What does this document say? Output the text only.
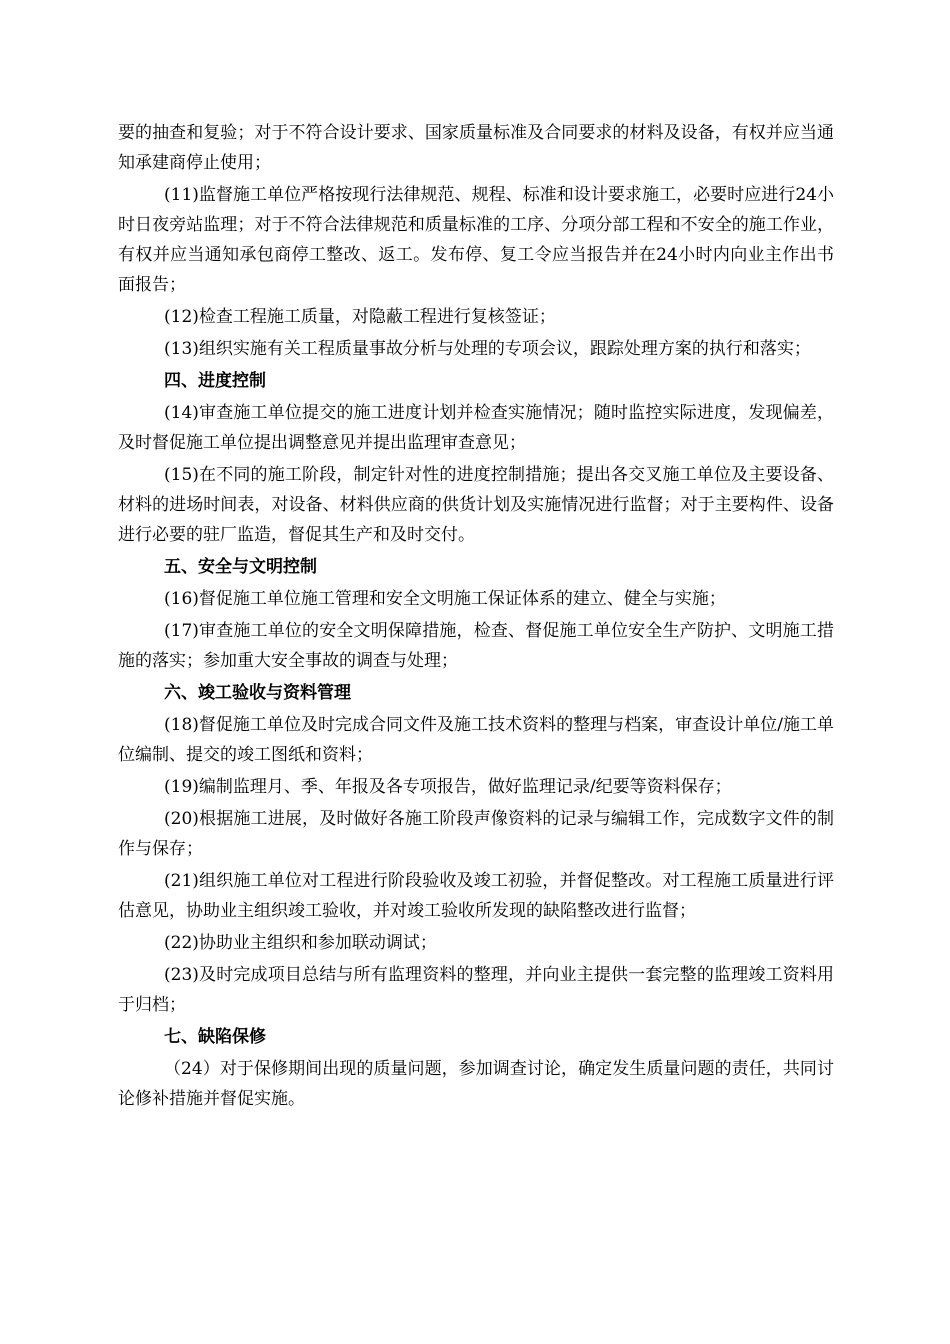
要的抽查和复验；对于不符合设计要求、国家质量标准及合同要求的材料及设备，有权并应当通知承建商停止使用；

(11)监督施工单位严格按现行法律规范、规程、标准和设计要求施工，必要时应进行24小时日夜旁站监理；对于不符合法律规范和质量标准的工序、分项分部工程和不安全的施工作业，有权并应当通知承包商停工整改、返工。发布停、复工令应当报告并在24小时内向业主作出书面报告；

(12)检查工程施工质量，对隐蔽工程进行复核签证；

(13)组织实施有关工程质量事故分析与处理的专项会议，跟踪处理方案的执行和落实；

四、进度控制

(14)审查施工单位提交的施工进度计划并检查实施情况；随时监控实际进度，发现偏差，及时督促施工单位提出调整意见并提出监理审查意见；

(15)在不同的施工阶段，制定针对性的进度控制措施；提出各交叉施工单位及主要设备、材料的进场时间表，对设备、材料供应商的供货计划及实施情况进行监督；对于主要构件、设备进行必要的驻厂监造，督促其生产和及时交付。

五、安全与文明控制

(16)督促施工单位施工管理和安全文明施工保证体系的建立、健全与实施；

(17)审查施工单位的安全文明保障措施，检查、督促施工单位安全生产防护、文明施工措施的落实；参加重大安全事故的调查与处理；

六、竣工验收与资料管理

(18)督促施工单位及时完成合同文件及施工技术资料的整理与档案，审查设计单位/施工单位编制、提交的竣工图纸和资料；

(19)编制监理月、季、年报及各专项报告，做好监理记录/纪要等资料保存；

(20)根据施工进展，及时做好各施工阶段声像资料的记录与编辑工作，完成数字文件的制作与保存；

(21)组织施工单位对工程进行阶段验收及竣工初验，并督促整改。对工程施工质量进行评估意见，协助业主组织竣工验收，并对竣工验收所发现的缺陷整改进行监督；

(22)协助业主组织和参加联动调试；

(23)及时完成项目总结与所有监理资料的整理，并向业主提供一套完整的监理竣工资料用于归档；

七、缺陷保修

（24）对于保修期间出现的质量问题，参加调查讨论，确定发生质量问题的责任，共同讨论修补措施并督促实施。
